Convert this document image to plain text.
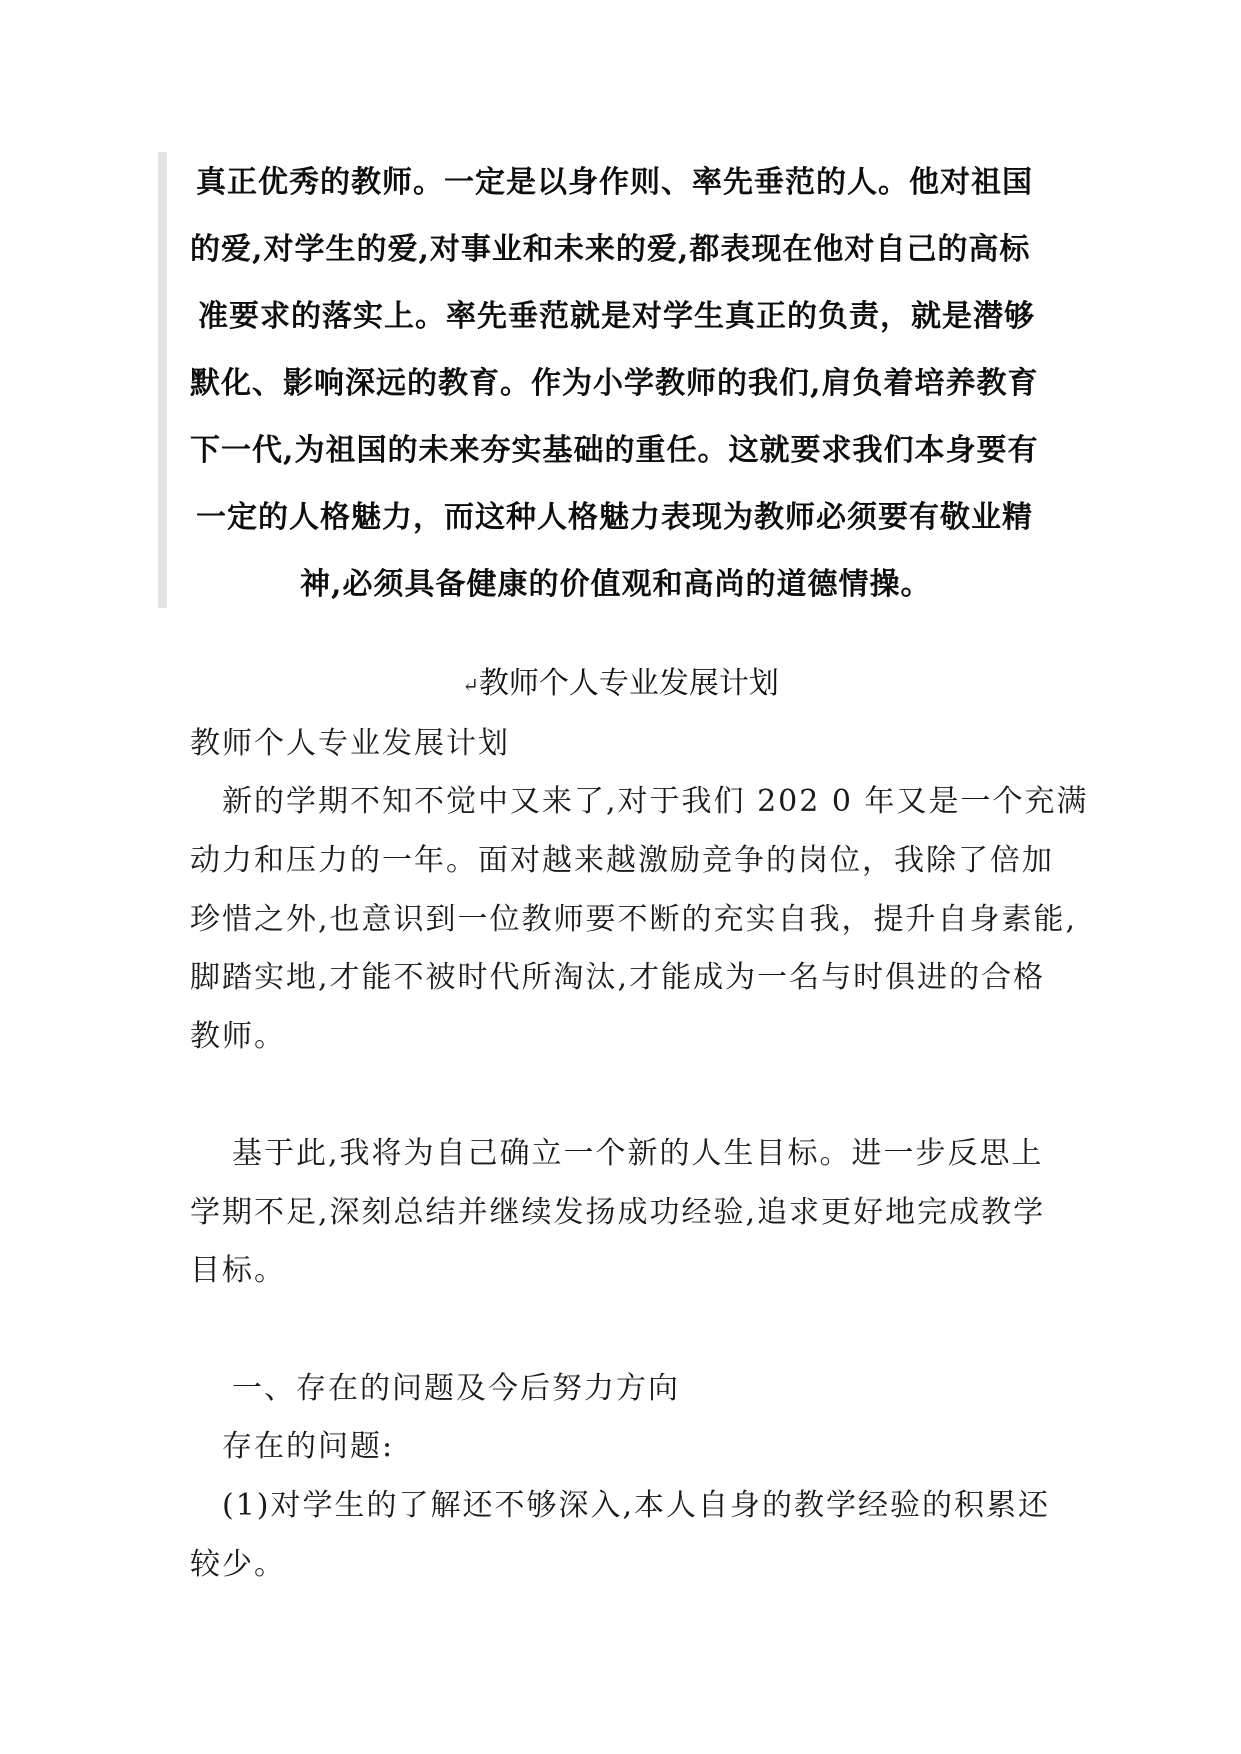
真正优秀的教师。一定是以身作则、率先垂范的人。他对祖国
的爱,对学生的爱,对事业和未来的爱,都表现在他对自己的高标
准要求的落实上。率先垂范就是对学生真正的负责，就是潜够
默化、影响深远的教育。作为小学教师的我们,肩负着培养教育
下一代,为祖国的未来夯实基础的重任。这就要求我们本身要有
一定的人格魅力，而这种人格魅力表现为教师必须要有敬业精
神,必须具备健康的价值观和高尚的道德情操。
↵教师个人专业发展计划
教师个人专业发展计划
新的学期不知不觉中又来了,对于我们 202 0 年又是一个充满
动力和压力的一年。面对越来越激励竞争的岗位，我除了倍加
珍惜之外,也意识到一位教师要不断的充实自我，提升自身素能,
脚踏实地,才能不被时代所淘汰,才能成为一名与时俱进的合格
教师。
基于此,我将为自己确立一个新的人生目标。进一步反思上
学期不足,深刻总结并继续发扬成功经验,追求更好地完成教学
目标。
一、存在的问题及今后努力方向
存在的问题:
(1)对学生的了解还不够深入,本人自身的教学经验的积累还
较少。
